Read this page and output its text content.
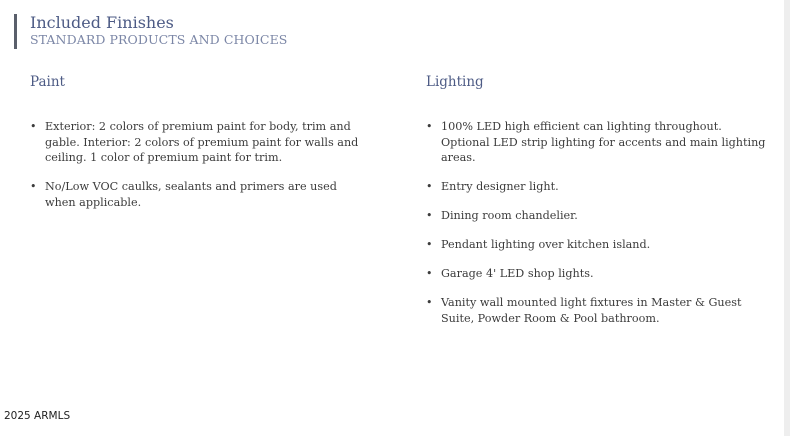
Included Finishes
STANDARD PRODUCTS AND CHOICES
Paint
• Exterior: 2 colors of premium paint for body, trim and gable. Interior: 2 colors of premium paint for walls and ceiling. 1 color of premium paint for trim.
• No/Low VOC caulks, sealants and primers are used when applicable.
Lighting
• 100% LED high efficient can lighting throughout. Optional LED strip lighting for accents and main lighting areas.
• Entry designer light.
• Dining room chandelier.
• Pendant lighting over kitchen island.
• Garage 4' LED shop lights.
• Vanity wall mounted light fixtures in Master & Guest Suite, Powder Room & Pool bathroom.
2025 ARMLS
